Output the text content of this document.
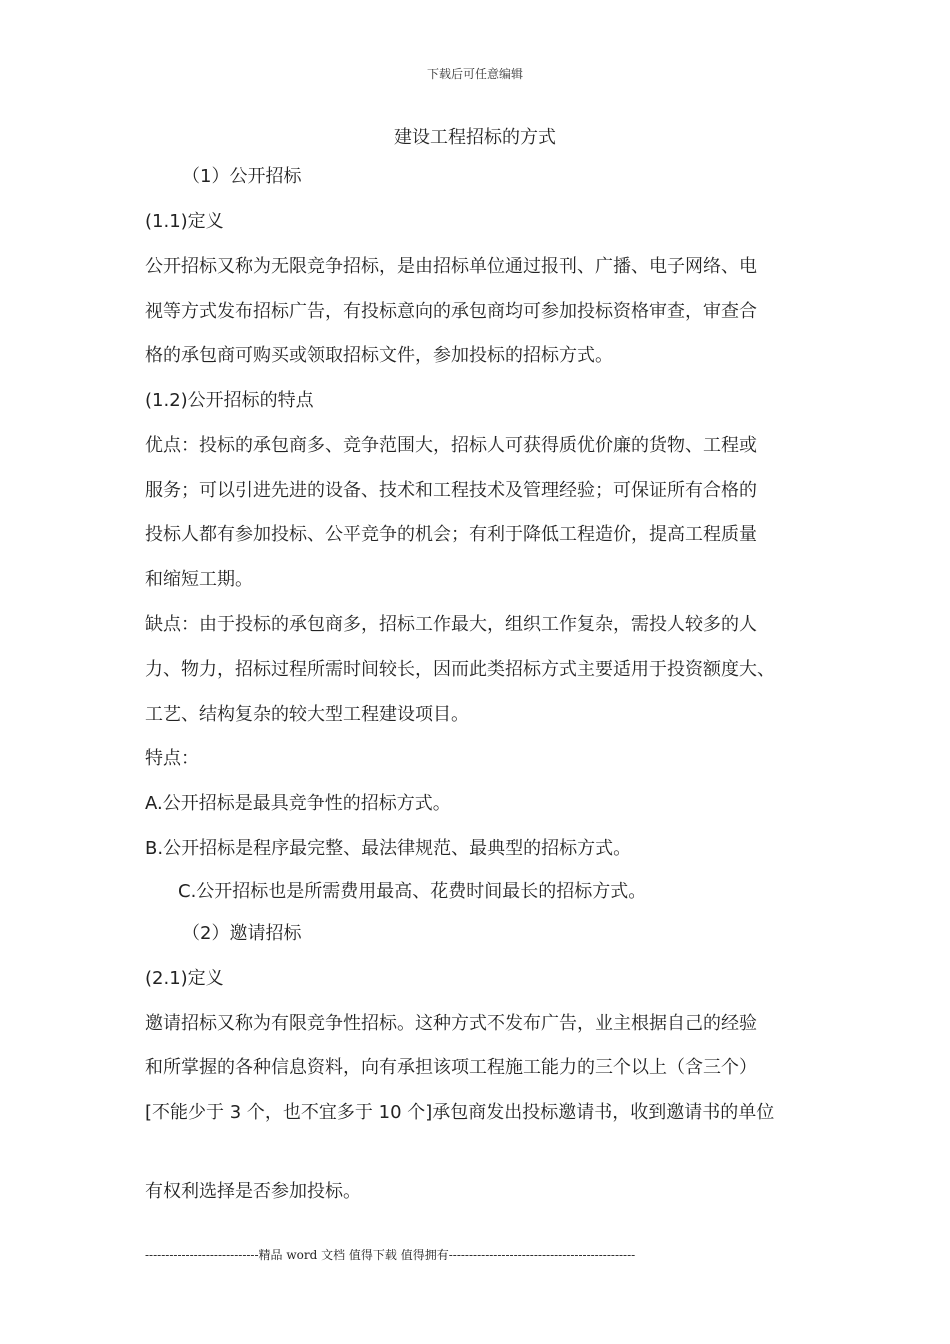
下载后可任意编辑
建设工程招标的方式
（1）公开招标
(1.1)定义
公开招标又称为无限竞争招标，是由招标单位通过报刊、广播、电子网络、电
视等方式发布招标广告，有投标意向的承包商均可参加投标资格审查，审查合
格的承包商可购买或领取招标文件，参加投标的招标方式。
(1.2)公开招标的特点
优点：投标的承包商多、竞争范围大，招标人可获得质优价廉的货物、工程或
服务；可以引进先进的设备、技术和工程技术及管理经验；可保证所有合格的
投标人都有参加投标、公平竞争的机会；有利于降低工程造价，提高工程质量
和缩短工期。
缺点：由于投标的承包商多，招标工作最大，组织工作复杂，需投人较多的人
力、物力，招标过程所需时间较长，因而此类招标方式主要适用于投资额度大、
工艺、结构复杂的较大型工程建设项目。
特点：
A.公开招标是最具竞争性的招标方式。
B.公开招标是程序最完整、最法律规范、最典型的招标方式。
C.公开招标也是所需费用最高、花费时间最长的招标方式。
（2）邀请招标
(2.1)定义
邀请招标又称为有限竞争性招标。这种方式不发布广告，业主根据自己的经验
和所掌握的各种信息资料，向有承担该项工程施工能力的三个以上（含三个）
[不能少于 3 个，也不宜多于 10 个]承包商发出投标邀请书，收到邀请书的单位
有权利选择是否参加投标。
----------------------------精品 word 文档 值得下载 值得拥有----------------------------------------------
